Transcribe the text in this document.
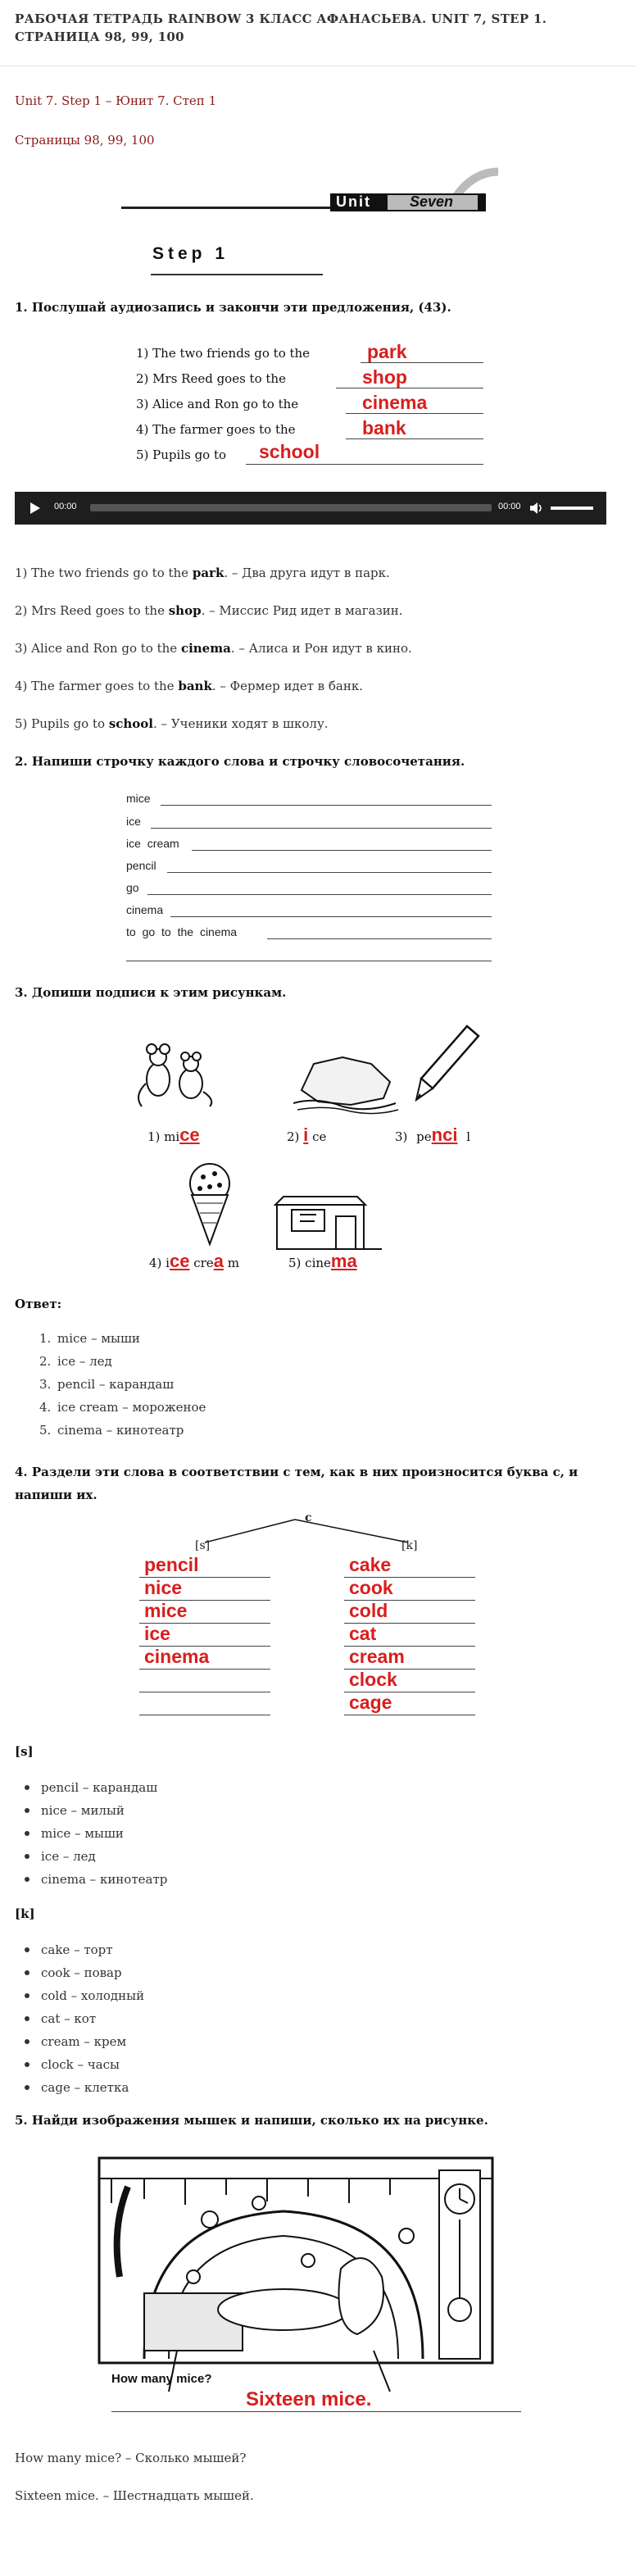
РАБОЧАЯ ТЕТРАДЬ RAINBOW 3 КЛАСС АФАНАСЬЕВА. UNIT 7, STEP 1. СТРАНИЦА 98, 99, 100
Unit 7. Step 1 – Юнит 7. Степ 1
Страницы 98, 99, 100
Unit	Seven
Step 1
1. Послушай аудиозапись и закончи эти предложения, (43).
1) The two friends go to the	park
2) Mrs Reed goes to the	shop
3) Alice and Ron go to the	cinema
4) The farmer goes to the	bank
5) Pupils go to school
00:00	00:00
1) The two friends go to the park. – Два друга идут в парк.
2) Mrs Reed goes to the shop. – Миссис Рид идет в магазин.
3) Alice and Ron go to the cinema. – Алиса и Рон идут в кино.
4) The farmer goes to the bank. – Фермер идет в банк.
5) Pupils go to school. – Ученики ходят в школу.
2. Напиши строчку каждого слова и строчку словосочетания.
mice
ice
ice cream
pencil
go
cinema
to go to the cinema
3. Допиши подписи к этим рисункам.
1) mice	2) i ce	3) penci l
4) ice crea m	5) cinema
Ответ:
1. mice – мыши
2. ice – лед
3. pencil – карандаш
4. ice cream – мороженое
5. cinema – кинотеатр
4. Раздели эти слова в соответствии с тем, как в них произносится буква c, и напиши их.
c
[s]	[k]
pencil
nice
mice
ice
cinema
cake
cook
cold
cat
cream
clock
cage
[s]
pencil – карандаш
nice – милый
mice – мыши
ice – лед
cinema – кинотеатр
[k]
cake – торт
cook – повар
cold – холодный
cat – кот
cream – крем
clock – часы
cage – клетка
5. Найди изображения мышек и напиши, сколько их на рисунке.
How many mice?
Sixteen mice.
How many mice? – Сколько мышей?
Sixteen mice. – Шестнадцать мышей.
